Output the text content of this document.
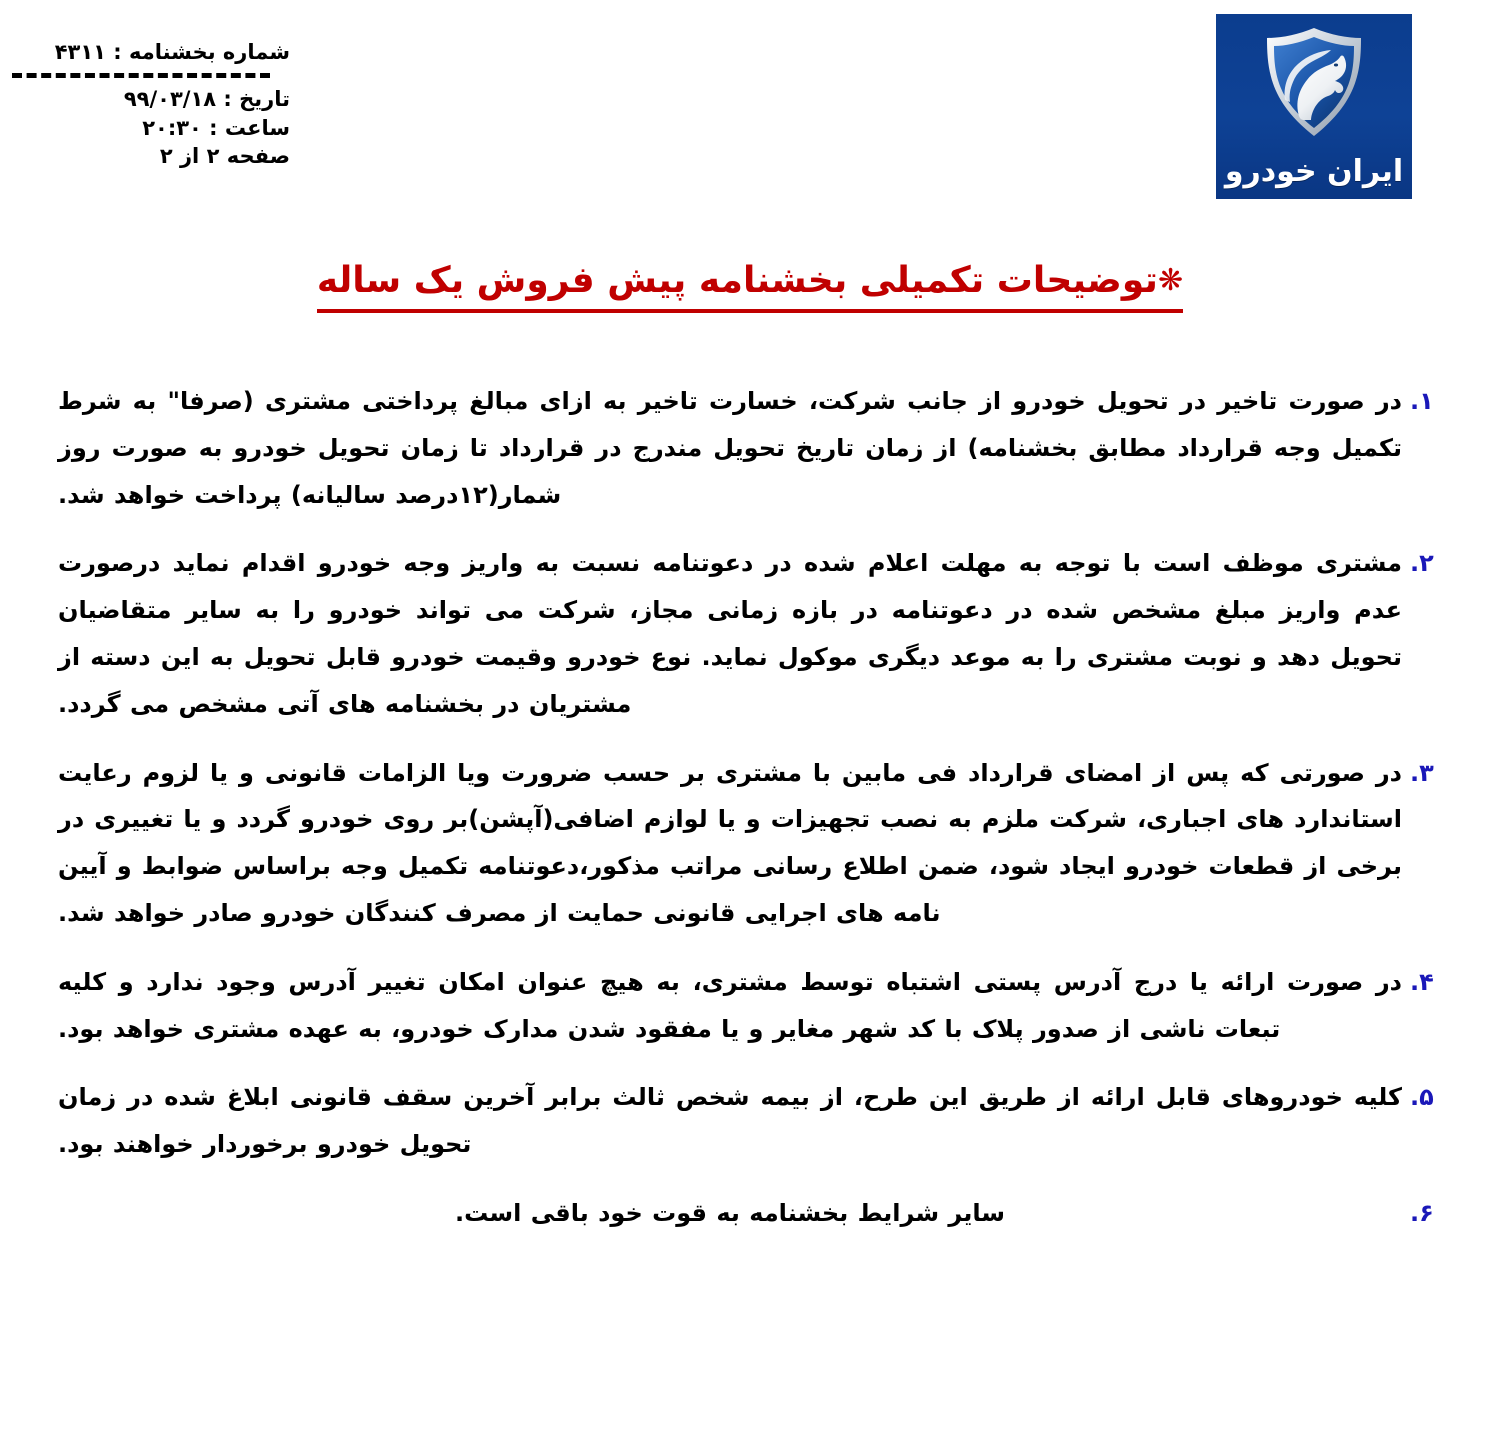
شماره بخشنامه : ۴۳۱۱
تاریخ : ۹۹/۰۳/۱۸
ساعت : ۲۰:۳۰
صفحه ۲ از ۲	ایران خودرو
❋توضیحات تکمیلی بخشنامه پیش فروش یک ساله
۱.
در صورت تاخیر در تحویل خودرو از جانب شرکت، خسارت تاخیر به ازای مبالغ پرداختی مشتری (صرفا" به شرط تکمیل وجه قرارداد مطابق بخشنامه) از زمان تاریخ تحویل مندرج در قرارداد تا زمان تحویل خودرو به صورت روز شمار(۱۲درصد سالیانه) پرداخت خواهد شد.
۲.
مشتری موظف است با توجه به مهلت اعلام شده در دعوتنامه نسبت به واریز وجه خودرو اقدام نماید درصورت عدم واریز مبلغ مشخص شده در دعوتنامه در بازه زمانی مجاز، شرکت می تواند خودرو را به سایر متقاضیان تحویل دهد و نوبت مشتری را به موعد دیگری موکول نماید. نوع خودرو وقیمت خودرو قابل تحویل به این دسته از مشتریان در بخشنامه های آتی مشخص می گردد.
۳.
در صورتی که پس از امضای قرارداد فی مابین با مشتری بر حسب ضرورت ویا الزامات قانونی و یا لزوم رعایت استاندارد های اجباری، شرکت ملزم به نصب تجهیزات و یا لوازم اضافی(آپشن)بر روی خودرو گردد و یا تغییری در برخی از قطعات خودرو ایجاد شود، ضمن اطلاع رسانی مراتب مذکور،دعوتنامه تکمیل وجه براساس ضوابط و آیین نامه های اجرایی قانونی حمایت از مصرف کنندگان خودرو صادر خواهد شد.
۴.
در صورت ارائه یا درج آدرس پستی اشتباه توسط مشتری، به هیچ عنوان امکان تغییر آدرس وجود ندارد و کلیه تبعات ناشی از صدور پلاک با کد شهر مغایر و یا مفقود شدن مدارک خودرو، به عهده مشتری خواهد بود.
۵.
کلیه خودروهای قابل ارائه از طریق این طرح، از بیمه شخص ثالث برابر آخرین سقف قانونی ابلاغ شده در زمان تحویل خودرو برخوردار خواهند بود.
۶.
سایر شرایط بخشنامه به قوت خود باقی است.
